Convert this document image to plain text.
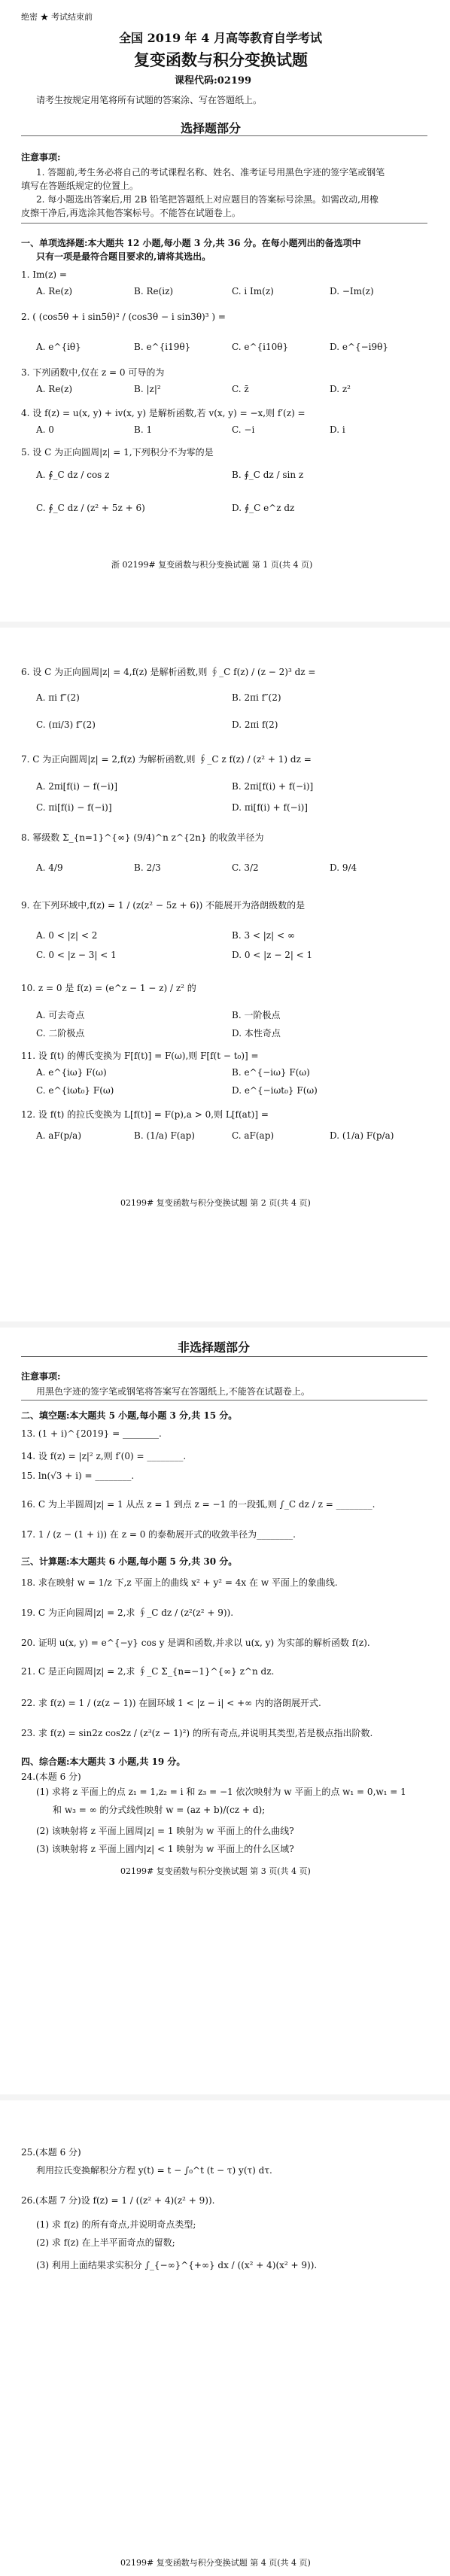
绝密 ★ 考试结束前
全国 2019 年 4 月高等教育自学考试
复变函数与积分变换试题
课程代码:02199
请考生按规定用笔将所有试题的答案涂、写在答题纸上。
选择题部分
注意事项:
1. 答题前,考生务必将自己的考试课程名称、姓名、准考证号用黑色字迹的签字笔或钢笔
填写在答题纸规定的位置上。
2. 每小题选出答案后,用 2B 铅笔把答题纸上对应题目的答案标号涂黑。如需改动,用橡
皮擦干净后,再选涂其他答案标号。不能答在试题卷上。
一、单项选择题:本大题共 12 小题,每小题 3 分,共 36 分。在每小题列出的备选项中
只有一项是最符合题目要求的,请将其选出。
1. Im(z) =
A. Re(z)	B. Re(iz)	C. i Im(z)	D. −Im(z)
2. ( (cos5θ + i sin5θ)² / (cos3θ − i sin3θ)³ ) =
A. e^{iθ}	B. e^{i19θ}	C. e^{i10θ}	D. e^{−i9θ}
3. 下列函数中,仅在 z = 0 可导的为
A. Re(z)	B. |z|²	C. z̄	D. z²
4. 设 f(z) = u(x, y) + iv(x, y) 是解析函数,若 v(x, y) = −x,则 f′(z) =
A. 0	B. 1	C. −i	D. i
5. 设 C 为正向圆周|z| = 1,下列积分不为零的是
A. ∮_C dz / cos z	B. ∮_C dz / sin z
C. ∮_C dz / (z² + 5z + 6)	D. ∮_C e^z dz
浙 02199# 复变函数与积分变换试题 第 1 页(共 4 页)
6. 设 C 为正向圆周|z| = 4,f(z) 是解析函数,则 ∮_C f(z) / (z − 2)³ dz =
A. πi f″(2)	B. 2πi f″(2)
C. (πi/3) f″(2)	D. 2πi f(2)
7. C 为正向圆周|z| = 2,f(z) 为解析函数,则 ∮_C z f(z) / (z² + 1) dz =
A. 2πi[f(i) − f(−i)]	B. 2πi[f(i) + f(−i)]
C. πi[f(i) − f(−i)]	D. πi[f(i) + f(−i)]
8. 幂级数 Σ_{n=1}^{∞} (9/4)^n z^{2n} 的收敛半径为
A. 4/9	B. 2/3	C. 3/2	D. 9/4
9. 在下列环域中,f(z) = 1 / (z(z² − 5z + 6)) 不能展开为洛朗级数的是
A. 0 < |z| < 2	B. 3 < |z| < ∞
C. 0 < |z − 3| < 1	D. 0 < |z − 2| < 1
10. z = 0 是 f(z) = (e^z − 1 − z) / z² 的
A. 可去奇点	B. 一阶极点
C. 二阶极点	D. 本性奇点
11. 设 f(t) 的傅氏变换为 F[f(t)] = F(ω),则 F[f(t − t₀)] =
A. e^{iω} F(ω)	B. e^{−iω} F(ω)
C. e^{iωt₀} F(ω)	D. e^{−iωt₀} F(ω)
12. 设 f(t) 的拉氏变换为 L[f(t)] = F(p),a > 0,则 L[f(at)] =
A. aF(p/a)	B. (1/a) F(ap)	C. aF(ap)	D. (1/a) F(p/a)
02199# 复变函数与积分变换试题 第 2 页(共 4 页)
非选择题部分
注意事项:
用黑色字迹的签字笔或钢笔将答案写在答题纸上,不能答在试题卷上。
二、填空题:本大题共 5 小题,每小题 3 分,共 15 分。
13. (1 + i)^{2019} = ________.
14. 设 f(z) = |z|² z,则 f′(0) = ________.
15. ln(√3 + i) = ________.
16. C 为上半圆周|z| = 1 从点 z = 1 到点 z = −1 的一段弧,则 ∫_C dz / z = ________.
17. 1 / (z − (1 + i)) 在 z = 0 的泰勒展开式的收敛半径为________.
三、计算题:本大题共 6 小题,每小题 5 分,共 30 分。
18. 求在映射 w = 1/z 下,z 平面上的曲线 x² + y² = 4x 在 w 平面上的象曲线.
19. C 为正向圆周|z| = 2,求 ∮_C dz / (z²(z² + 9)).
20. 证明 u(x, y) = e^{−y} cos y 是调和函数,并求以 u(x, y) 为实部的解析函数 f(z).
21. C 是正向圆周|z| = 2,求 ∮_C Σ_{n=−1}^{∞} z^n dz.
22. 求 f(z) = 1 / (z(z − 1)) 在圆环域 1 < |z − i| < +∞ 内的洛朗展开式.
23. 求 f(z) = sin2z cos2z / (z³(z − 1)²) 的所有奇点,并说明其类型,若是极点指出阶数.
四、综合题:本大题共 3 小题,共 19 分。
24.(本题 6 分)
(1) 求将 z 平面上的点 z₁ = 1,z₂ = i 和 z₃ = −1 依次映射为 w 平面上的点 w₁ = 0,w₁ = 1
和 w₃ = ∞ 的分式线性映射 w = (az + b)/(cz + d);
(2) 该映射将 z 平面上圆周|z| = 1 映射为 w 平面上的什么曲线?
(3) 该映射将 z 平面上圆内|z| < 1 映射为 w 平面上的什么区域?
02199# 复变函数与积分变换试题 第 3 页(共 4 页)
25.(本题 6 分)
利用拉氏变换解积分方程 y(t) = t − ∫₀^t (t − τ) y(τ) dτ.
26.(本题 7 分)设 f(z) = 1 / ((z² + 4)(z² + 9)).
(1) 求 f(z) 的所有奇点,并说明奇点类型;
(2) 求 f(z) 在上半平面奇点的留数;
(3) 利用上面结果求实积分 ∫_{−∞}^{+∞} dx / ((x² + 4)(x² + 9)).
02199# 复变函数与积分变换试题 第 4 页(共 4 页)
